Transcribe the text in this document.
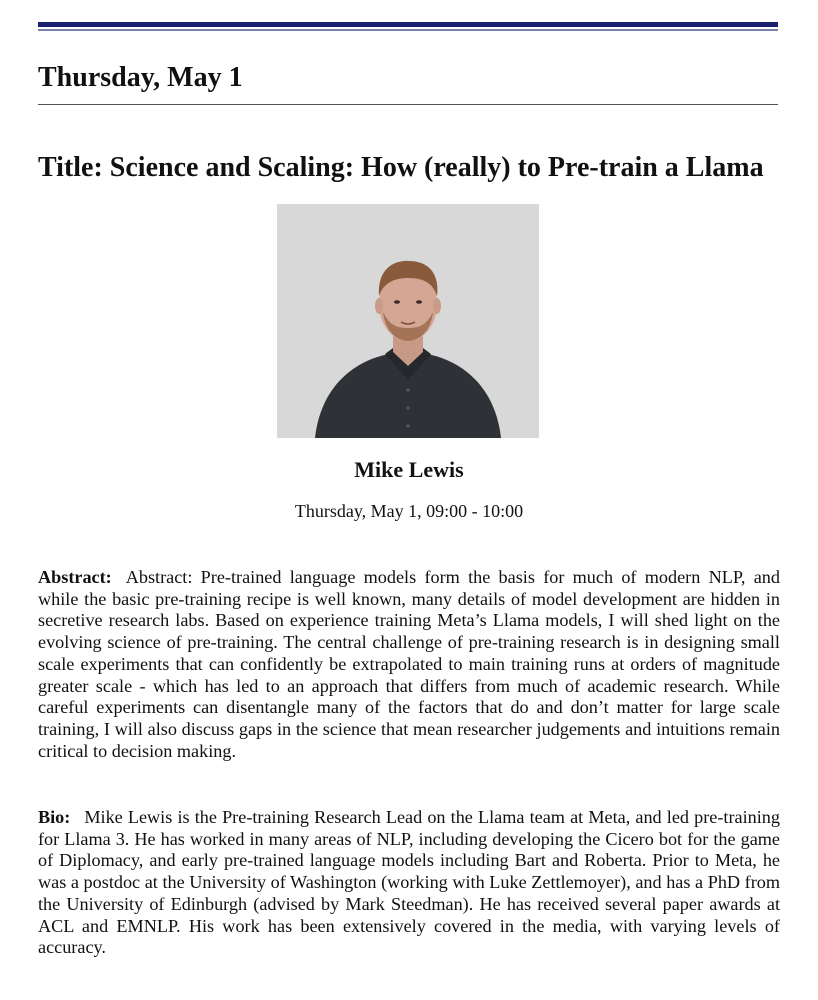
Thursday, May 1
Title: Science and Scaling: How (really) to Pre-train a Llama
Mike Lewis
Thursday, May 1, 09:00 - 10:00

Abstract: Abstract: Pre-trained language models form the basis for much of modern NLP, and while the basic pre-training recipe is well known, many details of model development are hidden in secretive research labs. Based on experience training Meta’s Llama models, I will shed light on the evolving science of pre-training. The central challenge of pre-training research is in designing small scale experiments that can confidently be extrapolated to main training runs at orders of magnitude greater scale - which has led to an approach that differs from much of academic research. While careful experiments can disentangle many of the factors that do and don’t matter for large scale training, I will also discuss gaps in the science that mean researcher judgements and intuitions remain critical to decision making.

Bio: Mike Lewis is the Pre-training Research Lead on the Llama team at Meta, and led pre-training for Llama 3. He has worked in many areas of NLP, including developing the Cicero bot for the game of Diplomacy, and early pre-trained language models including Bart and Roberta. Prior to Meta, he was a postdoc at the University of Washington (working with Luke Zettlemoyer), and has a PhD from the University of Edinburgh (advised by Mark Steedman). He has received several paper awards at ACL and EMNLP. His work has been extensively covered in the media, with varying levels of accuracy.
